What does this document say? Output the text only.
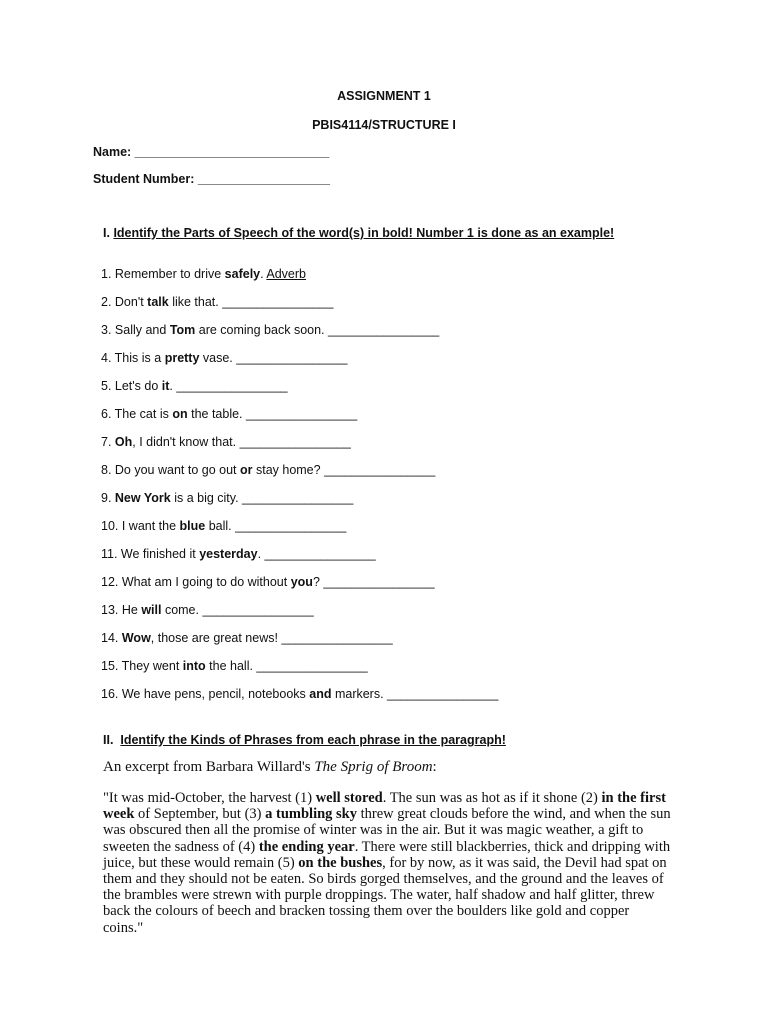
ASSIGNMENT 1
PBIS4114/STRUCTURE I
Name: ____________________________
Student Number: ___________________
I. Identify the Parts of Speech of the word(s) in bold! Number 1 is done as an example!
1. Remember to drive safely. Adverb
2. Don't talk like that. ________________
3. Sally and Tom are coming back soon. ________________
4. This is a pretty vase. ________________
5. Let's do it. ________________
6. The cat is on the table. ________________
7. Oh, I didn't know that. ________________
8. Do you want to go out or stay home? ________________
9. New York is a big city. ________________
10. I want the blue ball. ________________
11. We finished it yesterday. ________________
12. What am I going to do without you? ________________
13. He will come. ________________
14. Wow, those are great news! ________________
15. They went into the hall. ________________
16. We have pens, pencil, notebooks and markers. ________________
II. Identify the Kinds of Phrases from each phrase in the paragraph!
An excerpt from Barbara Willard's The Sprig of Broom:
"It was mid-October, the harvest (1) well stored. The sun was as hot as if it shone (2) in the first week of September, but (3) a tumbling sky threw great clouds before the wind, and when the sun was obscured then all the promise of winter was in the air. But it was magic weather, a gift to sweeten the sadness of (4) the ending year. There were still blackberries, thick and dripping with juice, but these would remain (5) on the bushes, for by now, as it was said, the Devil had spat on them and they should not be eaten. So birds gorged themselves, and the ground and the leaves of the brambles were strewn with purple droppings. The water, half shadow and half glitter, threw back the colours of beech and bracken tossing them over the boulders like gold and copper coins."
